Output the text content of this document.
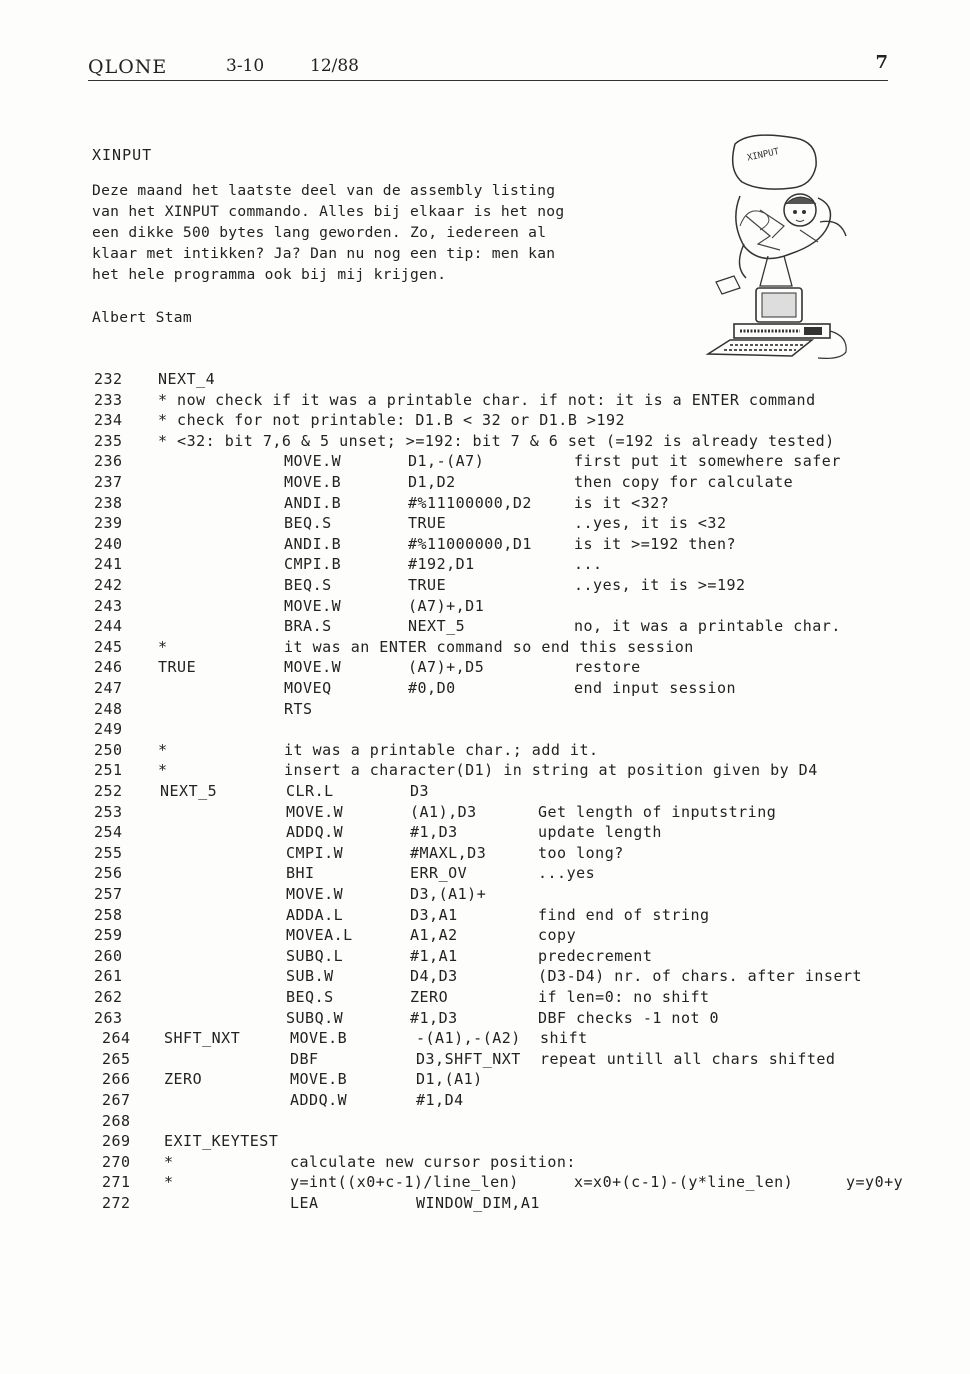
QLONE	3-10	12/88	7
XINPUT
Deze maand het laatste deel van de assembly listing
van het XINPUT commando. Alles bij elkaar is het nog
een dikke 500 bytes lang geworden. Zo, iedereen al
klaar met intikken? Ja? Dan nu nog een tip: men kan
het hele programma ook bij mij krijgen.
Albert Stam
XINPUT
232	NEXT_4
233	* now check if it was a printable char. if not: it is a ENTER command
234	* check for not printable: D1.B < 32 or D1.B >192
235	* <32: bit 7,6 & 5 unset; >=192: bit 7 & 6 set (=192 is already tested)
236	MOVE.W	D1,-(A7)	first put it somewhere safer
237	MOVE.B	D1,D2	then copy for calculate
238	ANDI.B	#%11100000,D2	is it <32?
239	BEQ.S	TRUE	..yes, it is <32
240	ANDI.B	#%11000000,D1	is it >=192 then?
241	CMPI.B	#192,D1	...
242	BEQ.S	TRUE	..yes, it is >=192
243	MOVE.W	(A7)+,D1
244	BRA.S	NEXT_5	no, it was a printable char.
245	*	it was an ENTER command so end this session
246	TRUE	MOVE.W	(A7)+,D5	restore
247	MOVEQ	#0,D0	end input session
248	RTS
249
250	*	it was a printable char.; add it.
251	*	insert a character(D1) in string at position given by D4
252	NEXT_5	CLR.L	D3
253	MOVE.W	(A1),D3	Get length of inputstring
254	ADDQ.W	#1,D3	update length
255	CMPI.W	#MAXL,D3	too long?
256	BHI	ERR_OV	...yes
257	MOVE.W	D3,(A1)+
258	ADDA.L	D3,A1	find end of string
259	MOVEA.L	A1,A2	copy
260	SUBQ.L	#1,A1	predecrement
261	SUB.W	D4,D3	(D3-D4) nr. of chars. after insert
262	BEQ.S	ZERO	if len=0: no shift
263	SUBQ.W	#1,D3	DBF checks -1 not 0
264	SHFT_NXT	MOVE.B	-(A1),-(A2) shift
265	DBF	D3,SHFT_NXT repeat untill all chars shifted
266	ZERO	MOVE.B	D1,(A1)
267	ADDQ.W	#1,D4
268
269	EXIT_KEYTEST
270	*	calculate new cursor position:
271	*	y=int((x0+c-1)/line_len)	x=x0+(c-1)-(y*line_len)	y=y0+y
272	LEA	WINDOW_DIM,A1
